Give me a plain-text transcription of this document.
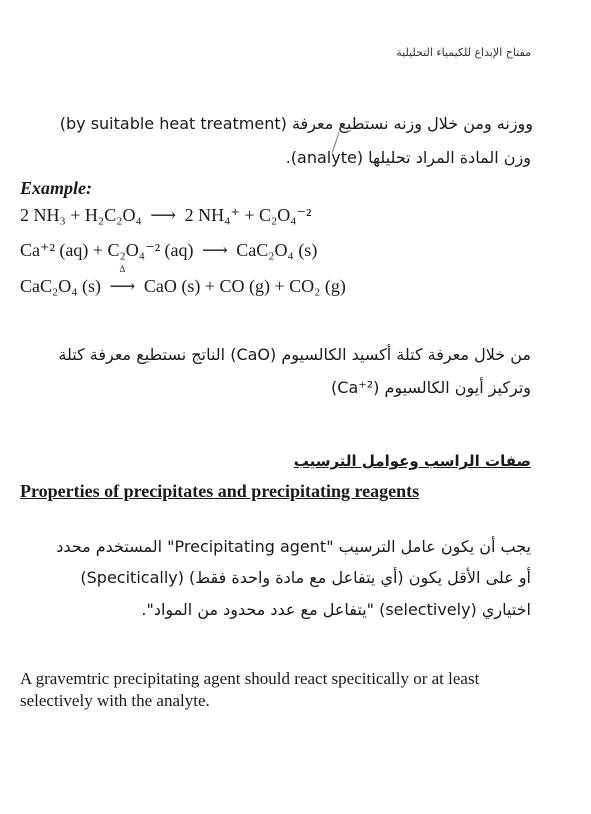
مفتاح الإبداع للكيمياء التحليلية
ووزنه ومن خلال وزنه نستطيع معرفة (by suitable heat treatment)
وزن المادة المراد تحليلها (analyte).
Example:
2 NH₃ + H₂C₂O₄ ⟶ 2 NH₄⁺ + C₂O₄⁻²
Ca⁺² (aq) + C₂O₄⁻² (aq) ⟶ CaC₂O₄ (s)
CaC₂O₄ (s)
Δ
⟶ CaO (s) + CO (g) + CO₂ (g)
من خلال معرفة كتلة أكسيد الكالسيوم (CaO) الناتج نستطيع معرفة كتلة
وتركيز أيون الكالسيوم (Ca⁺²)
صفات الراسب وعوامل الترسيب
Properties of precipitates and precipitating reagents
يجب أن يكون عامل الترسيب "Precipitating agent" المستخدم محدد
(Specitically) (أي يتفاعل مع مادة واحدة فقط) أو على الأقل يكون
اختياري (selectively) "يتفاعل مع عدد محدود من المواد".
A gravemtric precipitating agent should react specitically or at least selectively with the analyte.
